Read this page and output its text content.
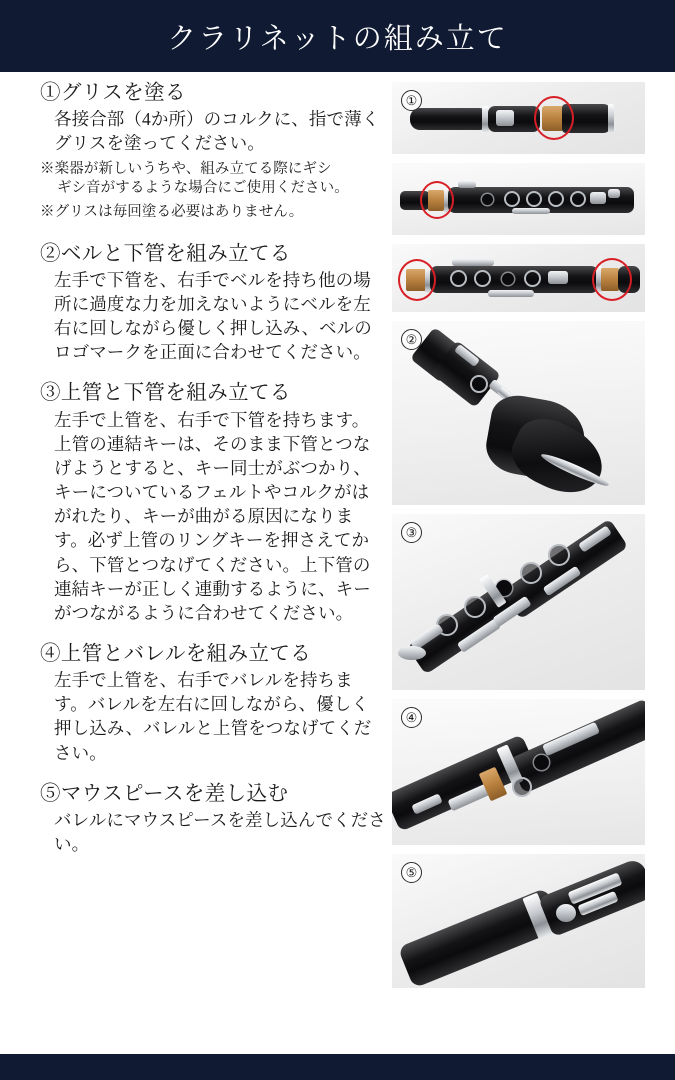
クラリネットの組み立て

①グリスを塗る

各接合部（4か所）のコルクに、指で薄くグリスを塗ってください。

※楽器が新しいうちや、組み立てる際にギシ
ギシ音がするような場合にご使用ください。

※グリスは毎回塗る必要はありません。

②ベルと下管を組み立てる

左手で下管を、右手でベルを持ち他の場所に過度な力を加えないようにベルを左右に回しながら優しく押し込み、ベルのロゴマークを正面に合わせてください。

③上管と下管を組み立てる

左手で上管を、右手で下管を持ちます。上管の連結キーは、そのまま下管とつなげようとすると、キー同士がぶつかり、キーについているフェルトやコルクがはがれたり、キーが曲がる原因になります。必ず上管のリングキーを押さえてから、下管とつなげてください。上下管の連結キーが正しく連動するように、キーがつながるように合わせてください。

④上管とバレルを組み立てる

左手で上管を、右手でバレルを持ちます。バレルを左右に回しながら、優しく押し込み、バレルと上管をつなげてください。

⑤マウスピースを差し込む

バレルにマウスピースを差し込んでください。

①
②
③
④
⑤
